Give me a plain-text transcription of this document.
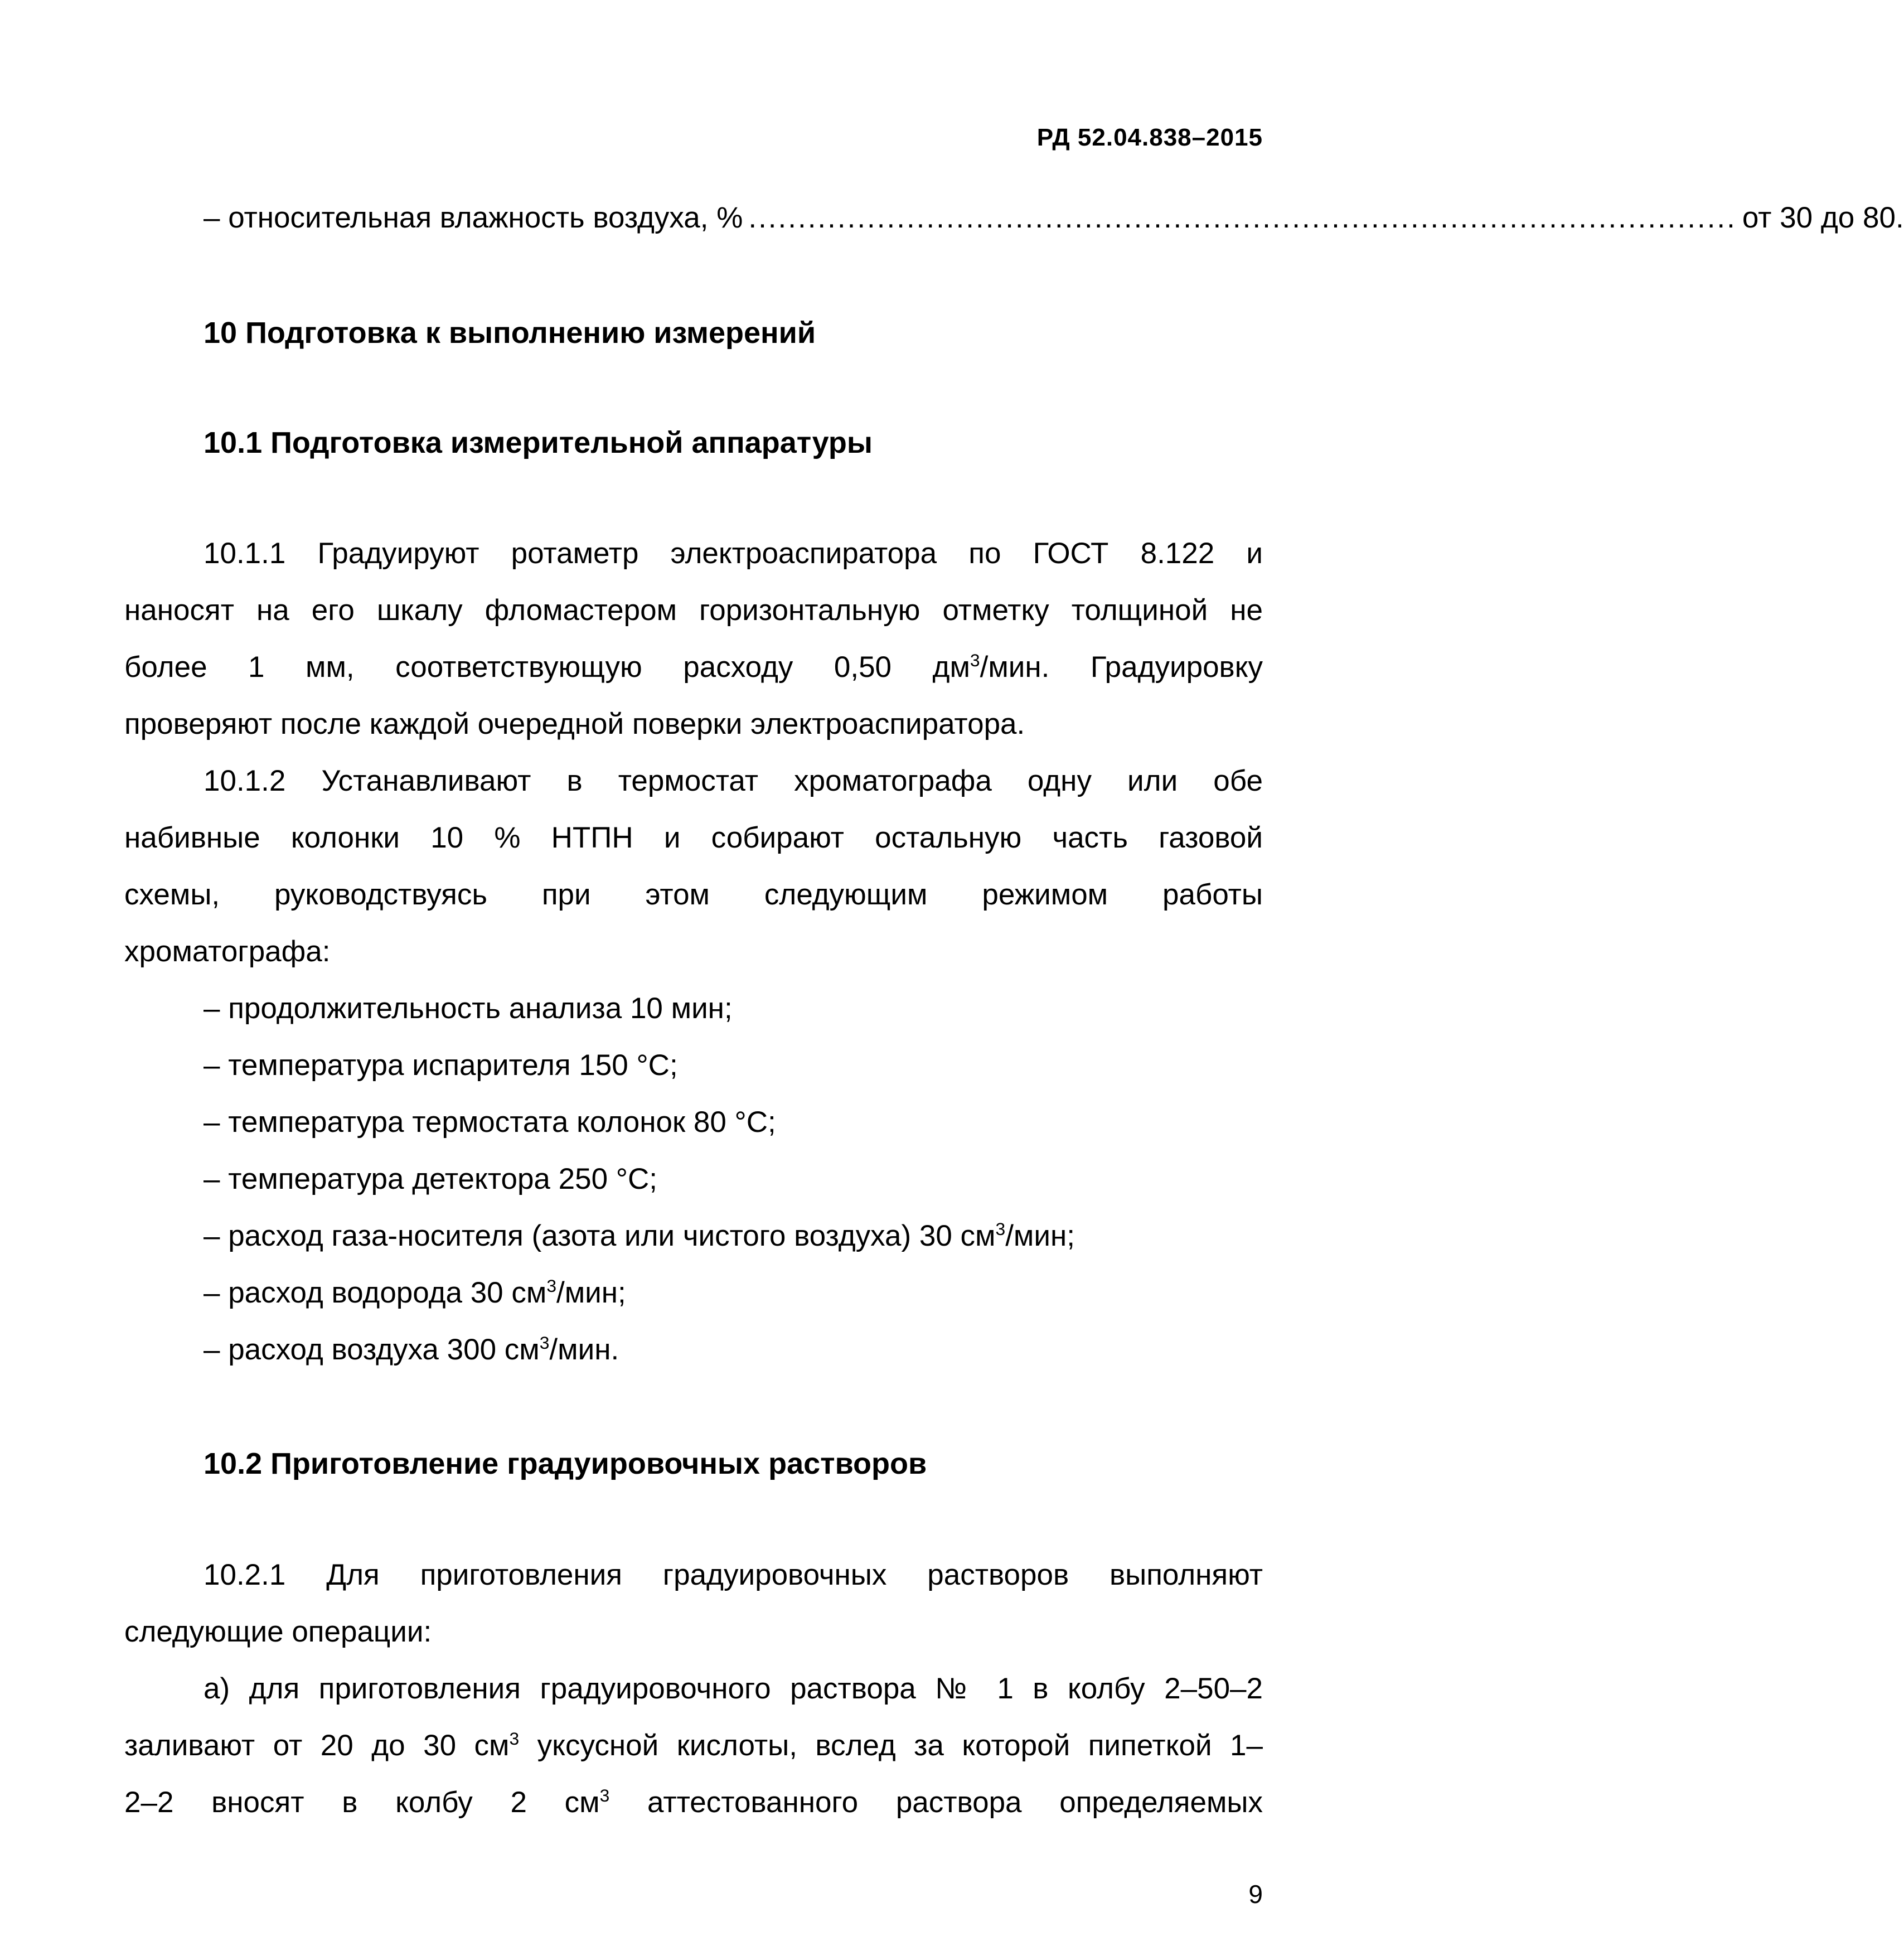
РД 52.04.838–2015
– относительная влажность воздуха, % .................................................................................................... от 30 до 80.
10 Подготовка к выполнению измерений
10.1 Подготовка измерительной аппаратуры
10.1.1 Градуируют ротаметр электроаспиратора по ГОСТ 8.122 и
наносят на его шкалу фломастером горизонтальную отметку толщиной не
более 1 мм, соответствующую расходу 0,50 $дм^3$/мин. Градуировку
проверяют после каждой очередной поверки электроаспиратора.
10.1.2 Устанавливают в термостат хроматографа одну или обе
набивные колонки 10 % НТПН и собирают остальную часть газовой
схемы, руководствуясь при этом следующим режимом работы
хроматографа:
– продолжительность анализа 10 мин;
– температура испарителя 150 °С;
– температура термостата колонок 80 °С;
– температура детектора 250 °С;
– расход газа-носителя (азота или чистого воздуха) 30 $см^3$/мин;
– расход водорода 30 $см^3$/мин;
– расход воздуха 300 $см^3$/мин.
10.2 Приготовление градуировочных растворов
10.2.1 Для приготовления градуировочных растворов выполняют
следующие операции:
а) для приготовления градуировочного раствора № 1 в колбу 2–50–2
заливают от 20 до 30 $см^3$ уксусной кислоты, вслед за которой пипеткой 1–
2–2 вносят в колбу 2 $см^3$ аттестованного раствора определяемых
9
